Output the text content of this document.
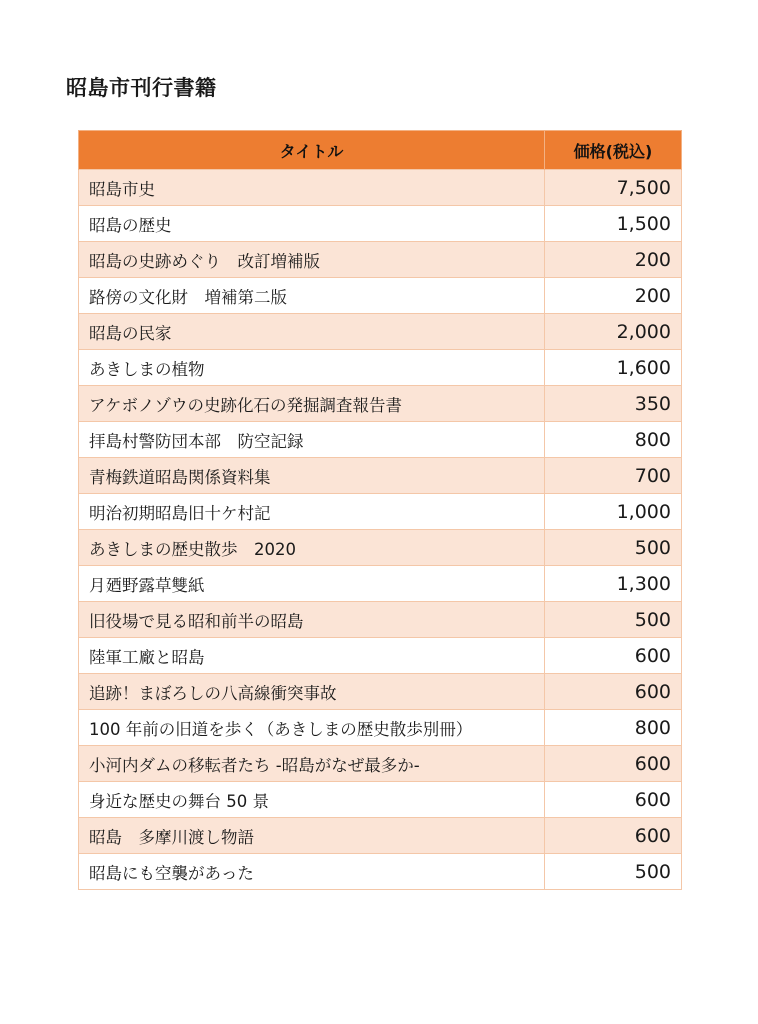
昭島市刊行書籍
タイトル	価格(税込)
昭島市史	7,500
昭島の歴史	1,500
昭島の史跡めぐり　改訂増補版	200
路傍の文化財　増補第二版	200
昭島の民家	2,000
あきしまの植物	1,600
アケボノゾウの史跡化石の発掘調査報告書	350
拝島村警防団本部　防空記録	800
青梅鉄道昭島関係資料集	700
明治初期昭島旧十ケ村記	1,000
あきしまの歴史散歩　2020	500
月廼野露草雙紙	1,300
旧役場で見る昭和前半の昭島	500
陸軍工廠と昭島	600
追跡！まぼろしの八高線衝突事故	600
100 年前の旧道を歩く（あきしまの歴史散歩別冊）	800
小河内ダムの移転者たち -昭島がなぜ最多か-	600
身近な歴史の舞台 50 景	600
昭島　多摩川渡し物語	600
昭島にも空襲があった	500
